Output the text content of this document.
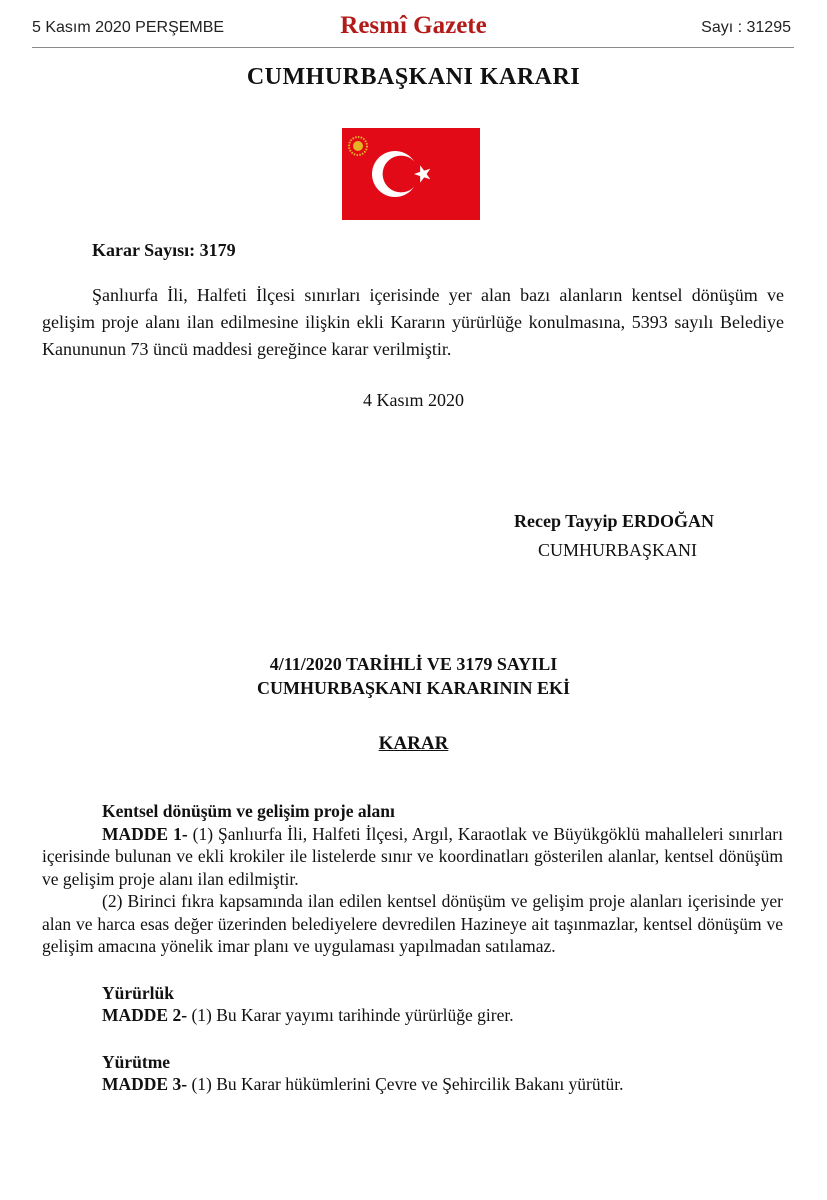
5 Kasım 2020 PERŞEMBE	Resmî Gazete	Sayı : 31295
CUMHURBAŞKANI KARARI
Karar Sayısı: 3179

Şanlıurfa İli, Halfeti İlçesi sınırları içerisinde yer alan bazı alanların kentsel dönüşüm ve gelişim proje alanı ilan edilmesine ilişkin ekli Kararın yürürlüğe konulmasına, 5393 sayılı Belediye Kanununun 73 üncü maddesi gereğince karar verilmiştir.

4 Kasım 2020
Recep Tayyip ERDOĞAN
CUMHURBAŞKANI
4/11/2020 TARİHLİ VE 3179 SAYILI
CUMHURBAŞKANI KARARININ EKİ
KARAR
Kentsel dönüşüm ve gelişim proje alanı

MADDE 1- (1) Şanlıurfa İli, Halfeti İlçesi, Argıl, Karaotlak ve Büyükgöklü mahalleleri sınırları içerisinde bulunan ve ekli krokiler ile listelerde sınır ve koordinatları gösterilen alanlar, kentsel dönüşüm ve gelişim proje alanı ilan edilmiştir.

(2) Birinci fıkra kapsamında ilan edilen kentsel dönüşüm ve gelişim proje alanları içerisinde yer alan ve harca esas değer üzerinden belediyelere devredilen Hazineye ait taşınmazlar, kentsel dönüşüm ve gelişim amacına yönelik imar planı ve uygulaması yapılmadan satılamaz.

Yürürlük

MADDE 2- (1) Bu Karar yayımı tarihinde yürürlüğe girer.

Yürütme

MADDE 3- (1) Bu Karar hükümlerini Çevre ve Şehircilik Bakanı yürütür.
